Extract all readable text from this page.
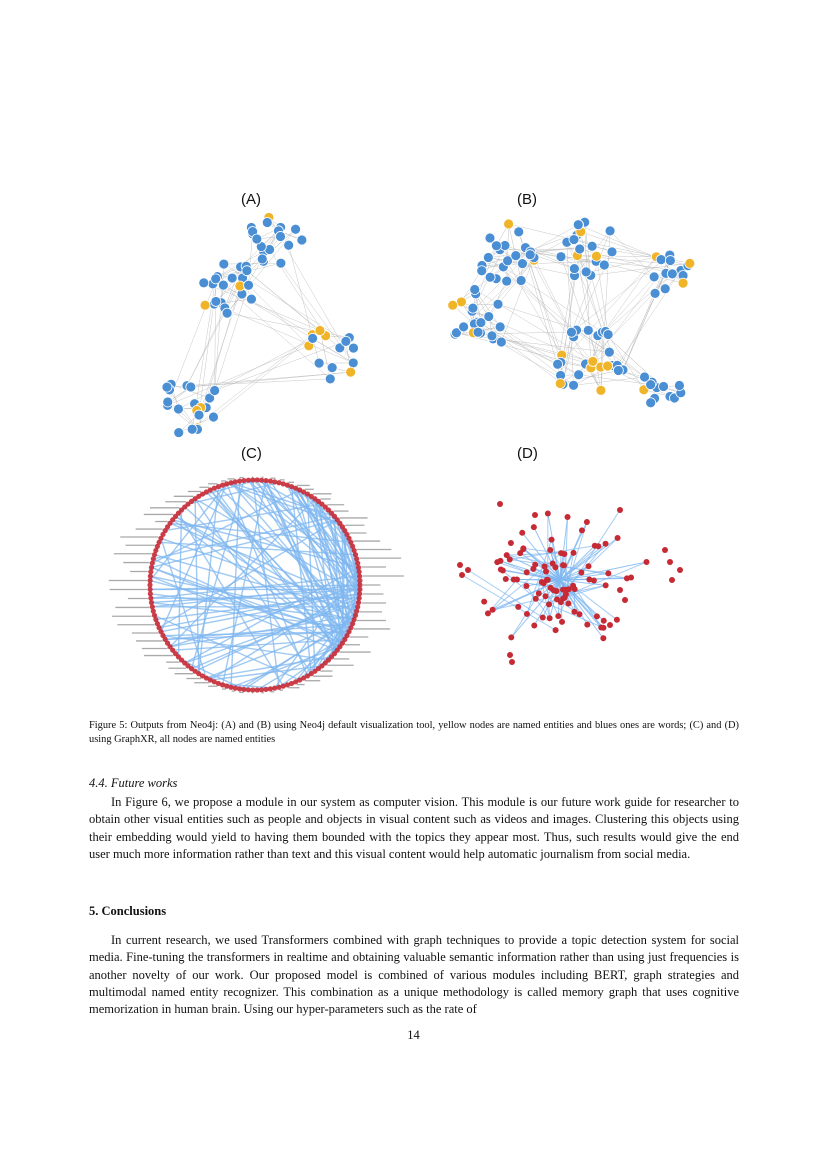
(A)	(B)
(C)	(D)
Figure 5: Outputs from Neo4j: (A) and (B) using Neo4j default visualization tool, yellow nodes are named entities and blues ones are words; (C) and (D) using GraphXR, all nodes are named entities
4.4. Future works

In Figure 6, we propose a module in our system as computer vision. This module is our future work guide for researcher to obtain other visual entities such as people and objects in visual content such as videos and images. Clustering this objects using their embedding would yield to having them bounded with the topics they appear most. Thus, such results would give the end user much more information rather than text and this visual content would help automatic journalism from social media.

5. Conclusions

In current research, we used Transformers combined with graph techniques to provide a topic detection system for social media. Fine-tuning the transformers in realtime and obtaining valuable semantic information rather than using just frequencies is another novelty of our work. Our proposed model is combined of various modules including BERT, graph strategies and multimodal named entity recognizer. This combination as a unique methodology is called memory graph that uses cognitive memorization in human brain. Using our hyper-parameters such as the rate of

14
